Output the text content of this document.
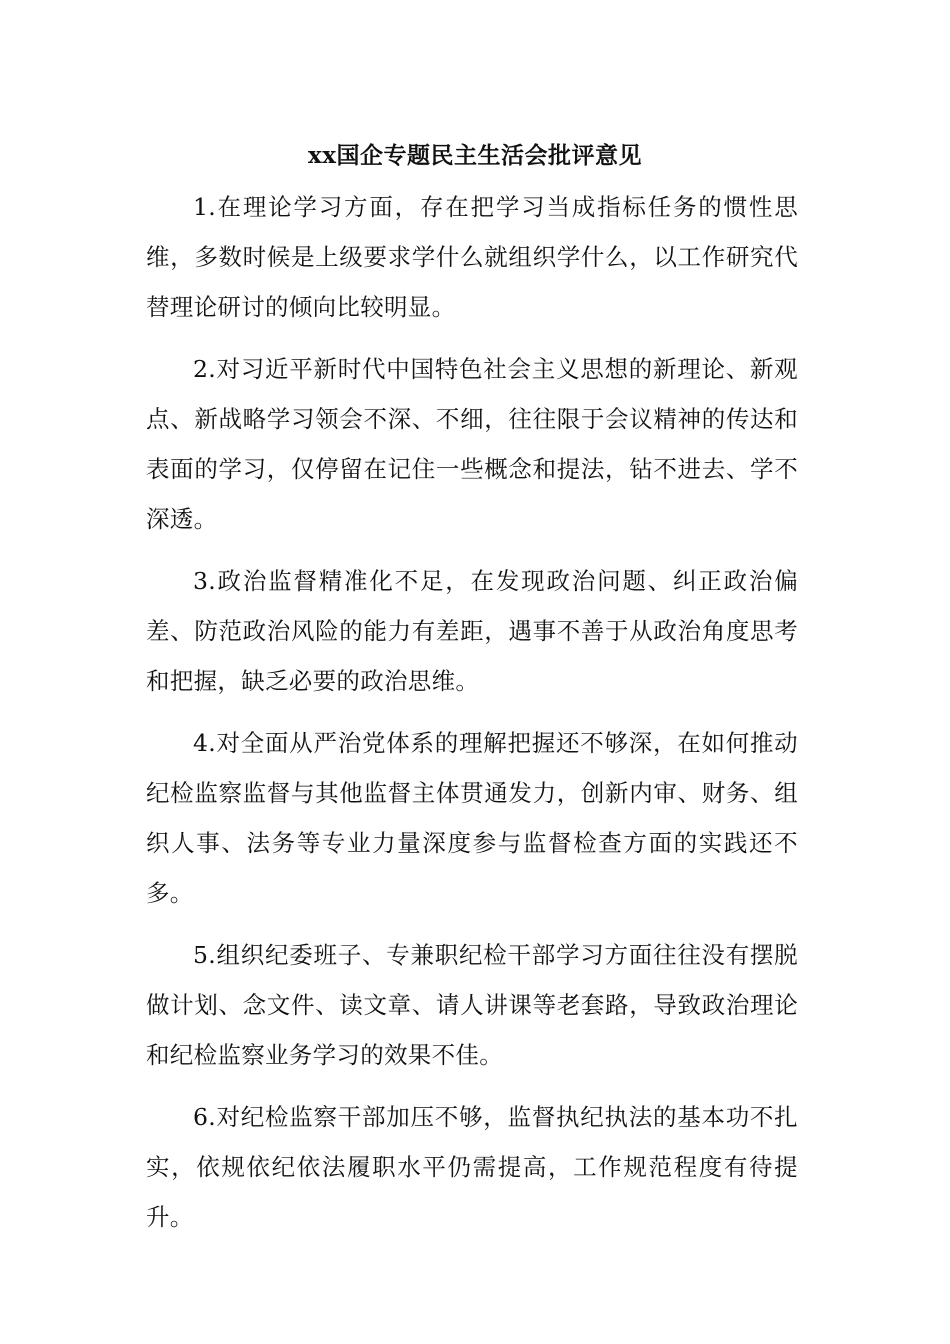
xx国企专题民主生活会批评意见

1.在理论学习方面，存在把学习当成指标任务的惯性思维，多数时候是上级要求学什么就组织学什么，以工作研究代替理论研讨的倾向比较明显。

2.对习近平新时代中国特色社会主义思想的新理论、新观点、新战略学习领会不深、不细，往往限于会议精神的传达和表面的学习，仅停留在记住一些概念和提法，钻不进去、学不深透。

3.政治监督精准化不足，在发现政治问题、纠正政治偏差、防范政治风险的能力有差距，遇事不善于从政治角度思考和把握，缺乏必要的政治思维。

4.对全面从严治党体系的理解把握还不够深，在如何推动纪检监察监督与其他监督主体贯通发力，创新内审、财务、组织人事、法务等专业力量深度参与监督检查方面的实践还不多。

5.组织纪委班子、专兼职纪检干部学习方面往往没有摆脱做计划、念文件、读文章、请人讲课等老套路，导致政治理论和纪检监察业务学习的效果不佳。

6.对纪检监察干部加压不够，监督执纪执法的基本功不扎实，依规依纪依法履职水平仍需提高，工作规范程度有待提升。
